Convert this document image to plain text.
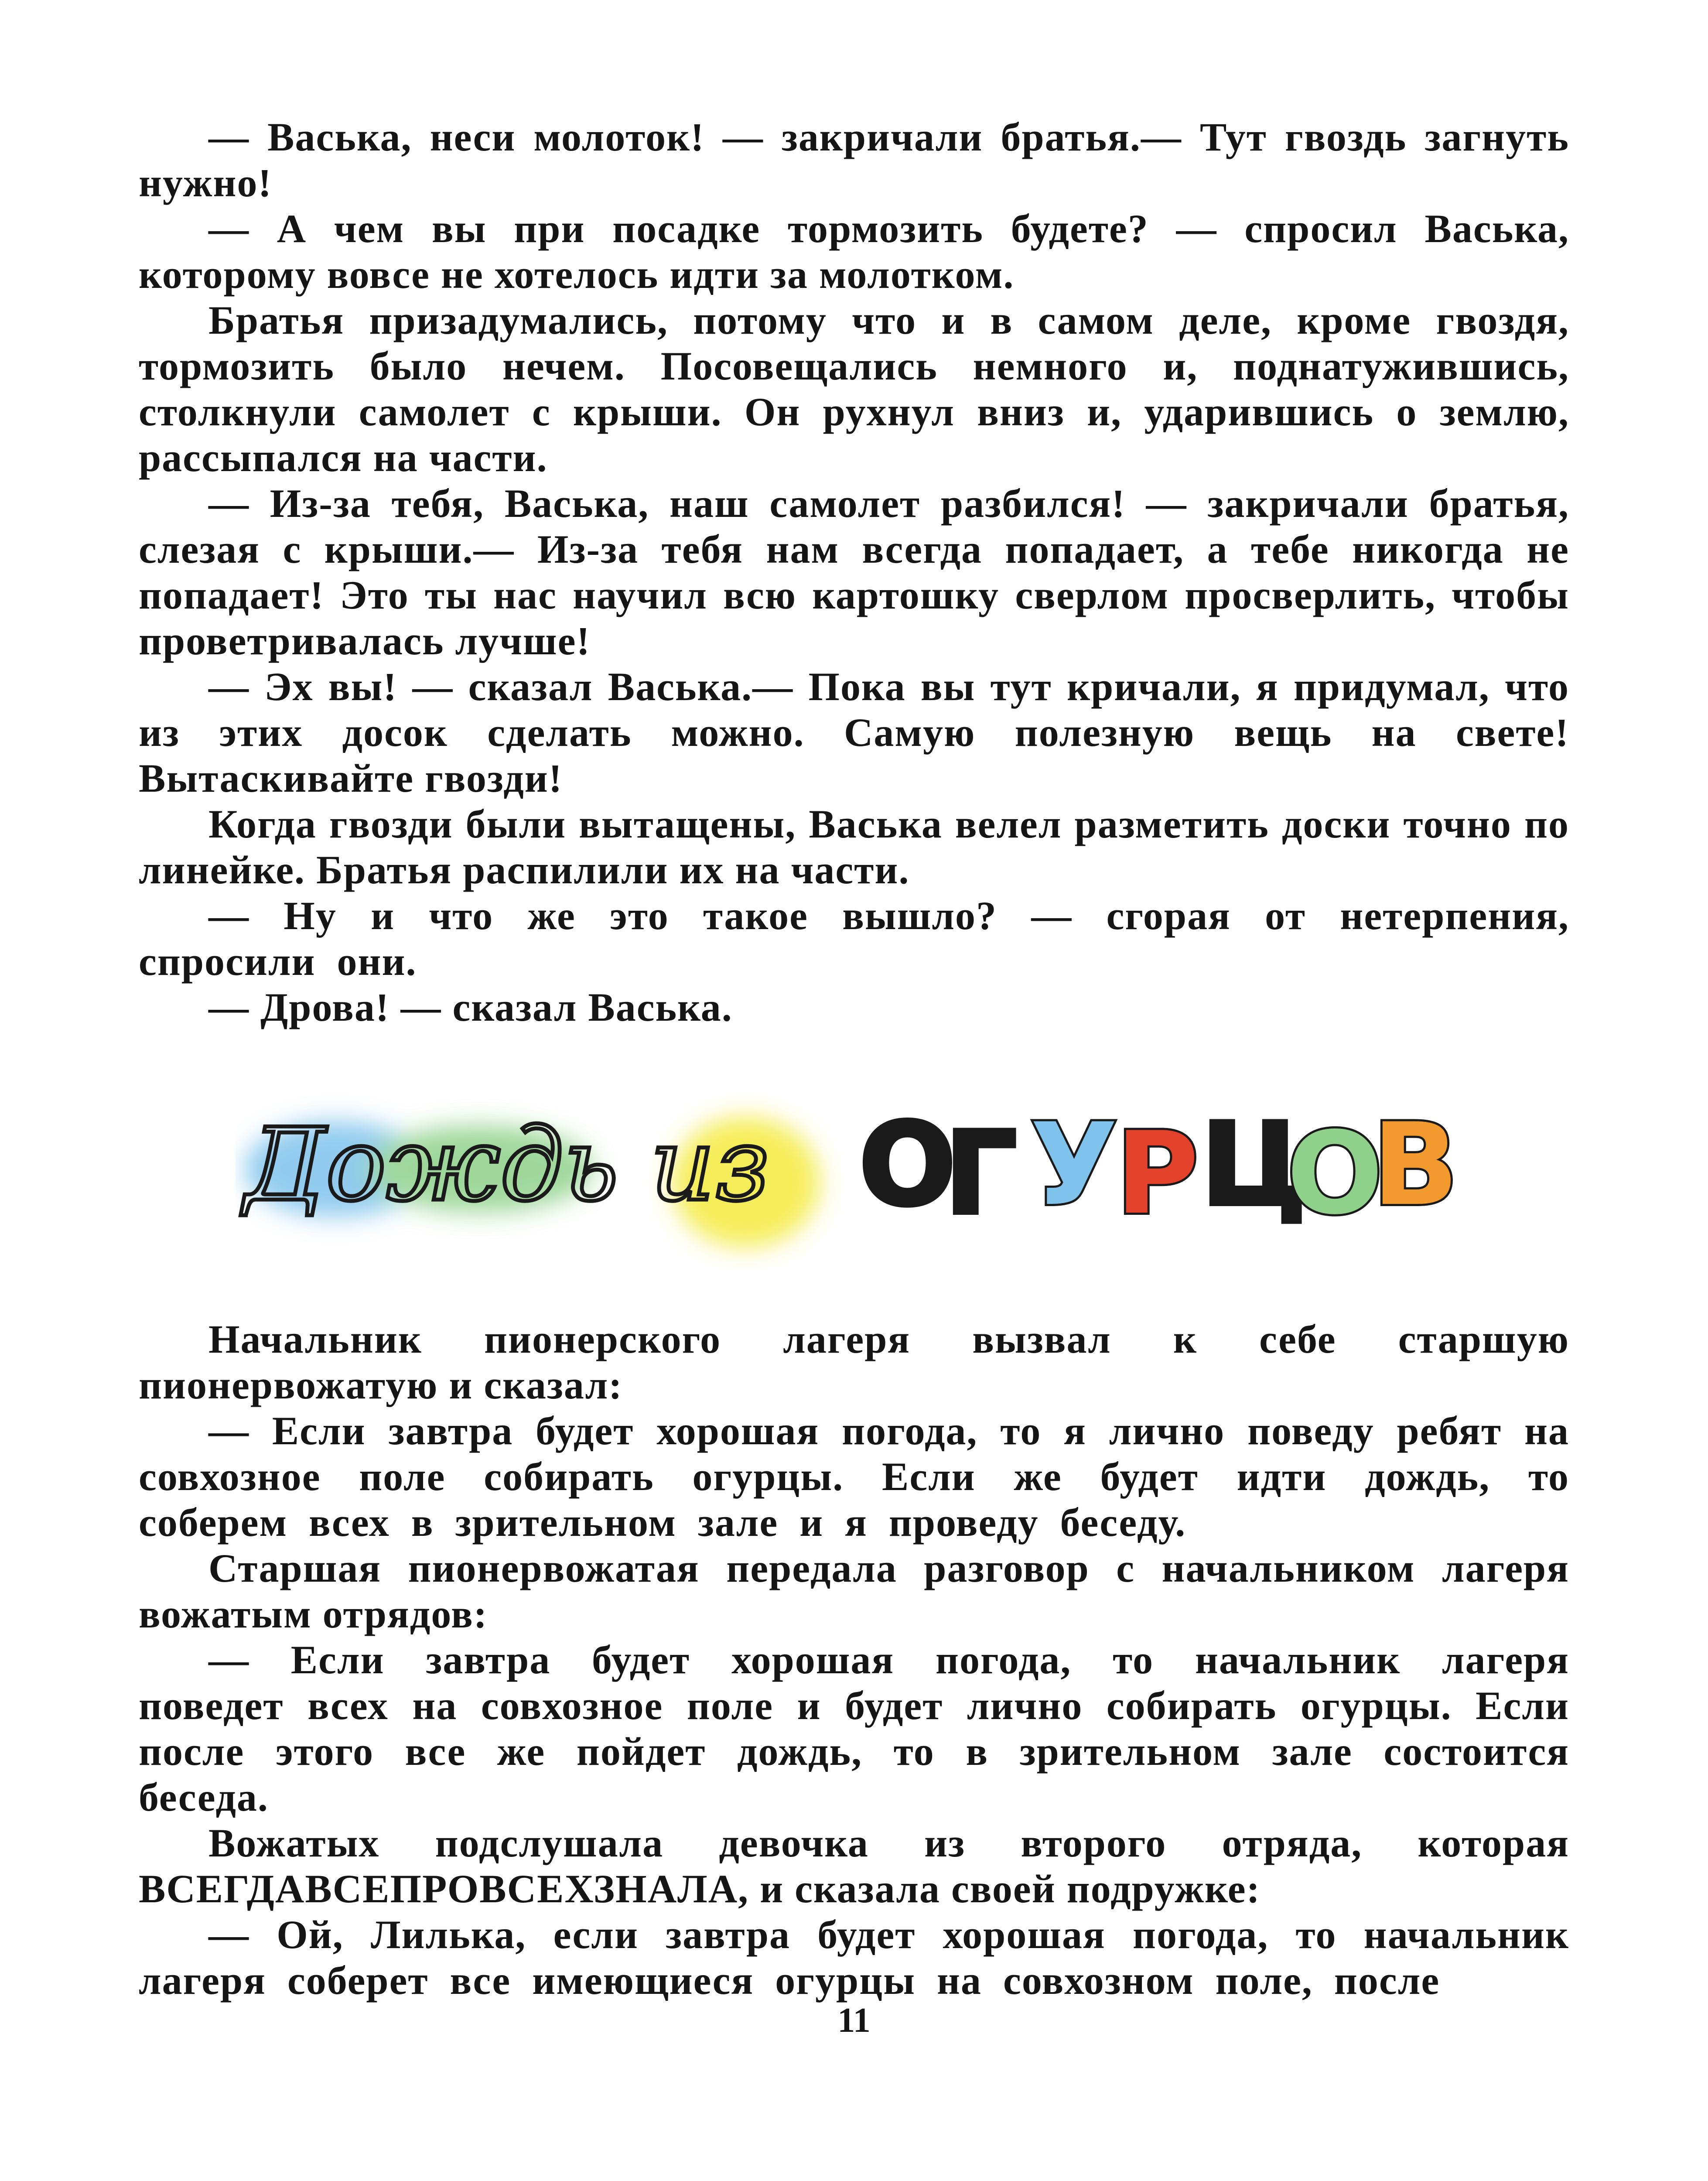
— Васька, неси молоток! — закричали братья.— Тут гвоздь загнуть нужно!

— А чем вы при посадке тормозить будете? — спросил Васька, которому вовсе не хотелось идти за молотком.

Братья призадумались, потому что и в самом деле, кроме гвоздя, тормозить было нечем. Посовещались немного и, поднатужившись, столкнули самолет с крыши. Он рухнул вниз и, ударившись о землю, рассыпался на части.

— Из-за тебя, Васька, наш самолет разбился! — закричали братья, слезая с крыши.— Из-за тебя нам всегда попадает, а тебе никогда не попадает! Это ты нас научил всю картошку сверлом просверлить, чтобы проветривалась лучше!

— Эх вы! — сказал Васька.— Пока вы тут кричали, я придумал, что из этих досок сделать можно. Самую полезную вещь на свете! Вытаскивайте гвозди!

Когда гвозди были вытащены, Васька велел разметить доски точно по линейке. Братья распилили их на части.

— Ну и что же это такое вышло? — сгорая от нетерпения, спросили они.

— Дрова! — сказал Васька.

Дождь из О
Г У
Р Ц
О
В

Начальник пионерского лагеря вызвал к себе старшую пионервожатую и сказал:

— Если завтра будет хорошая погода, то я лично поведу ребят на совхозное поле собирать огурцы. Если же будет идти дождь, то соберем всех в зрительном зале и я проведу беседу.

Старшая пионервожатая передала разговор с начальником лагеря вожатым отрядов:

— Если завтра будет хорошая погода, то начальник лагеря поведет всех на совхозное поле и будет лично собирать огурцы. Если после этого все же пойдет дождь, то в зрительном зале состоится беседа.

Вожатых подслушала девочка из второго отряда, которая ВСЕГДАВСЕПРОВСЕХЗНАЛА, и сказала своей подружке:

— Ой, Лилька, если завтра будет хорошая погода, то начальник лагеря соберет все имеющиеся огурцы на совхозном поле, после

11
